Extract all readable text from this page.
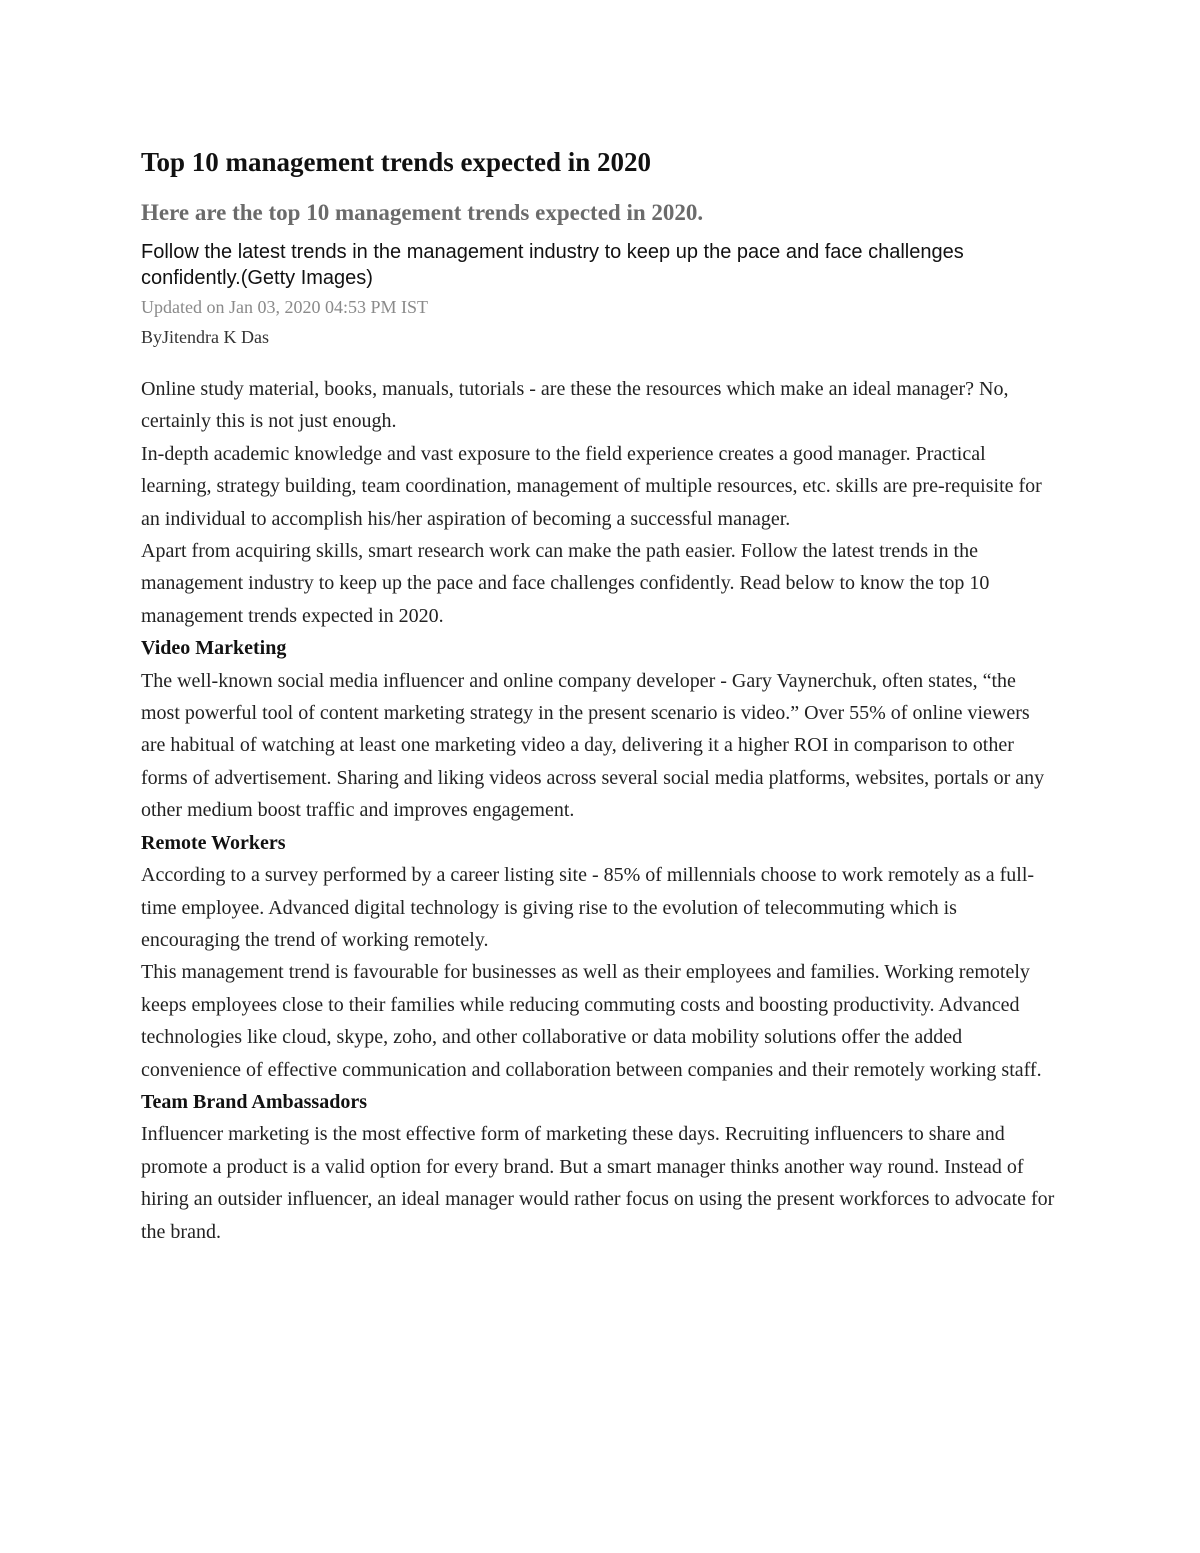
Top 10 management trends expected in 2020
Here are the top 10 management trends expected in 2020.

Follow the latest trends in the management industry to keep up the pace and face challenges confidently.(Getty Images)

Updated on Jan 03, 2020 04:53 PM IST

ByJitendra K Das

Online study material, books, manuals, tutorials - are these the resources which make an ideal manager? No, certainly this is not just enough.

In-depth academic knowledge and vast exposure to the field experience creates a good manager. Practical learning, strategy building, team coordination, management of multiple resources, etc. skills are pre-requisite for an individual to accomplish his/her aspiration of becoming a successful manager.

Apart from acquiring skills, smart research work can make the path easier. Follow the latest trends in the management industry to keep up the pace and face challenges confidently. Read below to know the top 10 management trends expected in 2020.

Video Marketing

The well-known social media influencer and online company developer - Gary Vaynerchuk, often states, “the most powerful tool of content marketing strategy in the present scenario is video.” Over 55% of online viewers are habitual of watching at least one marketing video a day, delivering it a higher ROI in comparison to other forms of advertisement. Sharing and liking videos across several social media platforms, websites, portals or any other medium boost traffic and improves engagement.

Remote Workers

According to a survey performed by a career listing site - 85% of millennials choose to work remotely as a full-time employee. Advanced digital technology is giving rise to the evolution of telecommuting which is encouraging the trend of working remotely.

This management trend is favourable for businesses as well as their employees and families. Working remotely keeps employees close to their families while reducing commuting costs and boosting productivity. Advanced technologies like cloud, skype, zoho, and other collaborative or data mobility solutions offer the added convenience of effective communication and collaboration between companies and their remotely working staff.

Team Brand Ambassadors

Influencer marketing is the most effective form of marketing these days. Recruiting influencers to share and promote a product is a valid option for every brand. But a smart manager thinks another way round. Instead of hiring an outsider influencer, an ideal manager would rather focus on using the present workforces to advocate for the brand.
